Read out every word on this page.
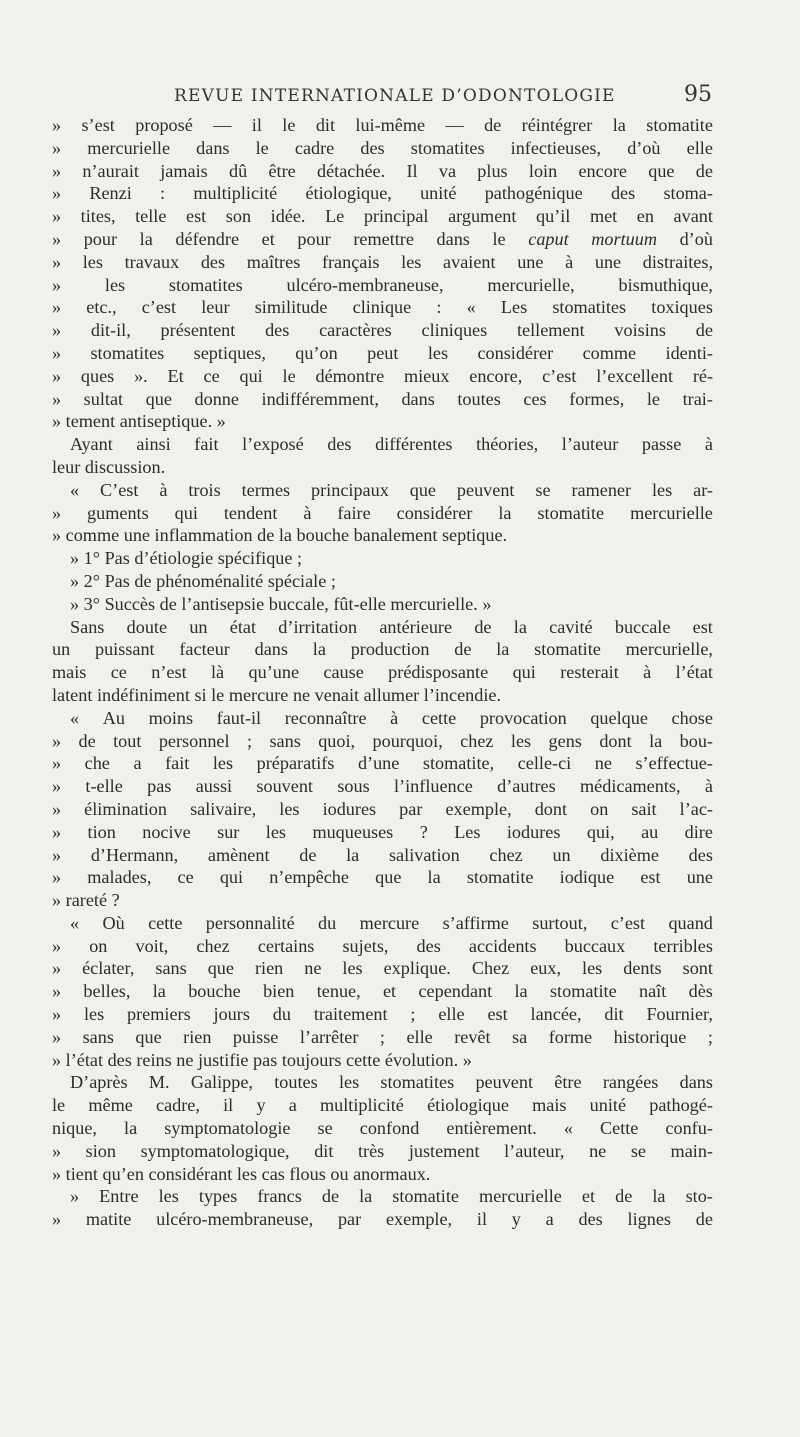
REVUE INTERNATIONALE D’ODONTOLOGIE	95
» s’est proposé — il le dit lui-même — de réintégrer la stomatite
» mercurielle dans le cadre des stomatites infectieuses, d’où elle
» n’aurait jamais dû être détachée. Il va plus loin encore que de
» Renzi : multiplicité étiologique, unité pathogénique des stoma-
» tites, telle est son idée. Le principal argument qu’il met en avant
» pour la défendre et pour remettre dans le caput mortuum d’où
» les travaux des maîtres français les avaient une à une distraites,
» les stomatites ulcéro-membraneuse, mercurielle, bismuthique,
» etc., c’est leur similitude clinique : « Les stomatites toxiques
» dit-il, présentent des caractères cliniques tellement voisins de
» stomatites septiques, qu’on peut les considérer comme identi-
» ques ». Et ce qui le démontre mieux encore, c’est l’excellent ré-
» sultat que donne indifféremment, dans toutes ces formes, le trai-
» tement antiseptique. »
Ayant ainsi fait l’exposé des différentes théories, l’auteur passe à
leur discussion.
« C’est à trois termes principaux que peuvent se ramener les ar-
» guments qui tendent à faire considérer la stomatite mercurielle
» comme une inflammation de la bouche banalement septique.
» 1° Pas d’étiologie spécifique ;
» 2° Pas de phénoménalité spéciale ;
» 3° Succès de l’antisepsie buccale, fût-elle mercurielle. »
Sans doute un état d’irritation antérieure de la cavité buccale est
un puissant facteur dans la production de la stomatite mercurielle,
mais ce n’est là qu’une cause prédisposante qui resterait à l’état
latent indéfiniment si le mercure ne venait allumer l’incendie.
« Au moins faut-il reconnaître à cette provocation quelque chose
» de tout personnel ; sans quoi, pourquoi, chez les gens dont la bou-
» che a fait les préparatifs d’une stomatite, celle-ci ne s’effectue-
» t-elle pas aussi souvent sous l’influence d’autres médicaments, à
» élimination salivaire, les iodures par exemple, dont on sait l’ac-
» tion nocive sur les muqueuses ? Les iodures qui, au dire
» d’Hermann, amènent de la salivation chez un dixième des
» malades, ce qui n’empêche que la stomatite iodique est une
» rareté ?
« Où cette personnalité du mercure s’affirme surtout, c’est quand
» on voit, chez certains sujets, des accidents buccaux terribles
» éclater, sans que rien ne les explique. Chez eux, les dents sont
» belles, la bouche bien tenue, et cependant la stomatite naît dès
» les premiers jours du traitement ; elle est lancée, dit Fournier,
» sans que rien puisse l’arrêter ; elle revêt sa forme historique ;
» l’état des reins ne justifie pas toujours cette évolution. »
D’après M. Galippe, toutes les stomatites peuvent être rangées dans
le même cadre, il y a multiplicité étiologique mais unité pathogé-
nique, la symptomatologie se confond entièrement. « Cette confu-
» sion symptomatologique, dit très justement l’auteur, ne se main-
» tient qu’en considérant les cas flous ou anormaux.
» Entre les types francs de la stomatite mercurielle et de la sto-
» matite ulcéro-membraneuse, par exemple, il y a des lignes de
